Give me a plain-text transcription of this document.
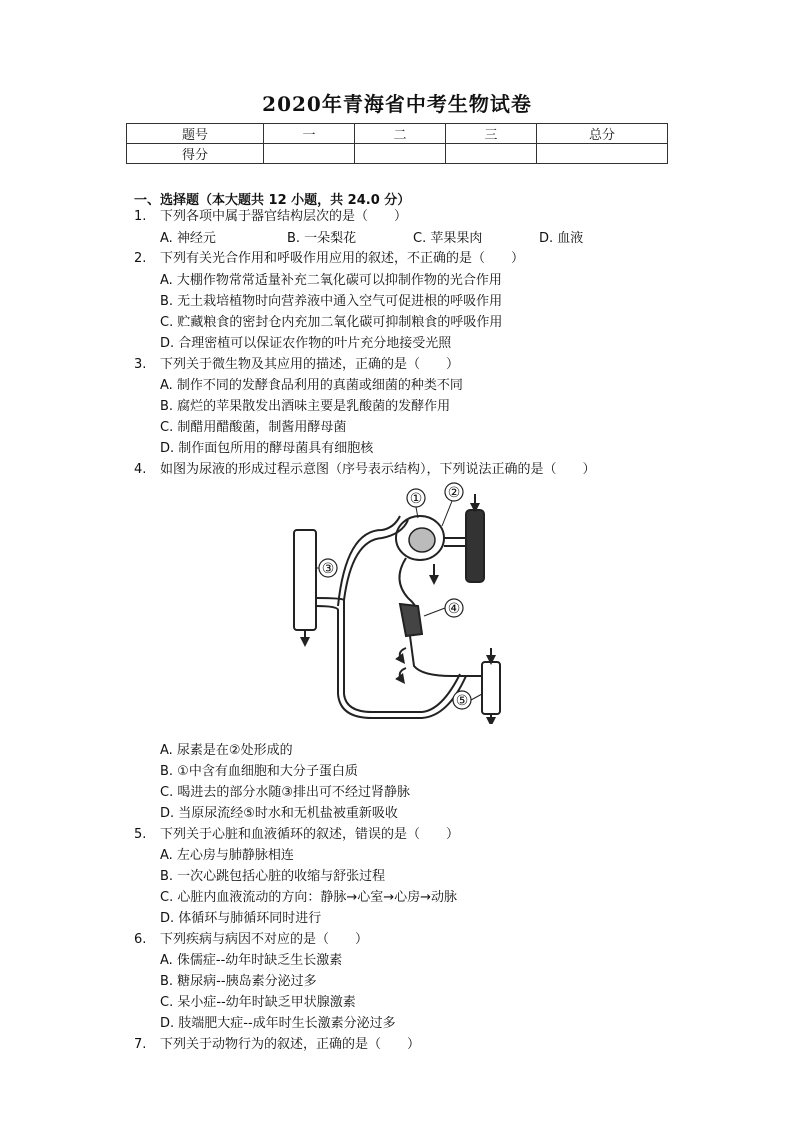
2020年青海省中考生物试卷
题号	一	二	三	总分
得分				
一、选择题（本大题共 12 小题，共 24.0 分）
1. 下列各项中属于器官结构层次的是（　　）
A. 神经元	B. 一朵梨花	C. 苹果果肉	D. 血液
2. 下列有关光合作用和呼吸作用应用的叙述，不正确的是（　　）
A. 大棚作物常常适量补充二氧化碳可以抑制作物的光合作用
B. 无土栽培植物时向营养液中通入空气可促进根的呼吸作用
C. 贮藏粮食的密封仓内充加二氧化碳可抑制粮食的呼吸作用
D. 合理密植可以保证农作物的叶片充分地接受光照
3. 下列关于微生物及其应用的描述，正确的是（　　）
A. 制作不同的发酵食品利用的真菌或细菌的种类不同
B. 腐烂的苹果散发出酒味主要是乳酸菌的发酵作用
C. 制醋用醋酸菌，制酱用酵母菌
D. 制作面包所用的酵母菌具有细胞核
4. 如图为尿液的形成过程示意图（序号表示结构），下列说法正确的是（　　）
① ②
③
④
⑤
A. 尿素是在②处形成的
B. ①中含有血细胞和大分子蛋白质
C. 喝进去的部分水随③排出可不经过肾静脉
D. 当原尿流经⑤时水和无机盐被重新吸收
5. 下列关于心脏和血液循环的叙述，错误的是（　　）
A. 左心房与肺静脉相连
B. 一次心跳包括心脏的收缩与舒张过程
C. 心脏内血液流动的方向：静脉→心室→心房→动脉
D. 体循环与肺循环同时进行
6. 下列疾病与病因不对应的是（　　）
A. 侏儒症--幼年时缺乏生长激素
B. 糖尿病--胰岛素分泌过多
C. 呆小症--幼年时缺乏甲状腺激素
D. 肢端肥大症--成年时生长激素分泌过多
7. 下列关于动物行为的叙述，正确的是（　　）
